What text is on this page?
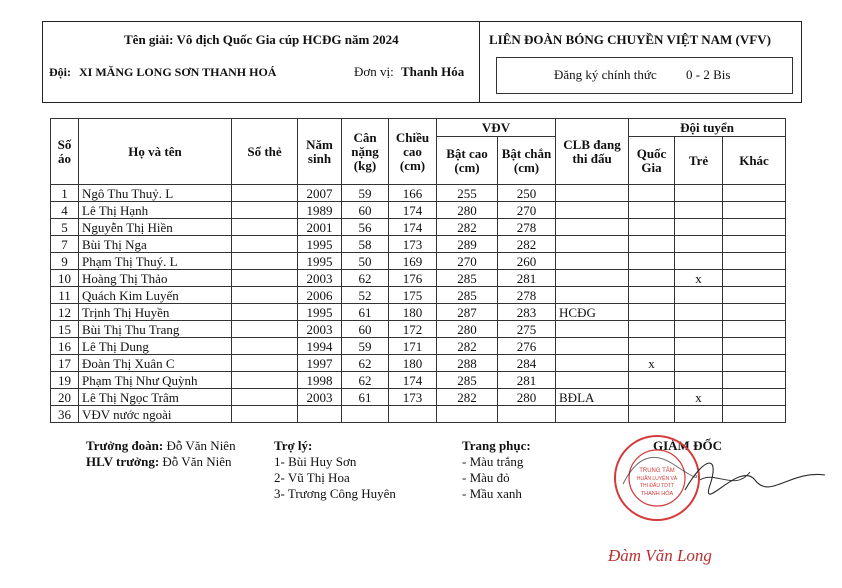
Tên giải: Vô địch Quốc Gia cúp HCĐG năm 2024
Đội: XI MĂNG LONG SƠN THANH HOÁ	Đơn vị: Thanh Hóa
LIÊN ĐOÀN BÓNG CHUYỀN VIỆT NAM (VFV)
Đăng ký chính thức 0 - 2 Bis
Số áo	Họ và tên	Số thẻ	Năm sinh	Cân nặng (kg)	Chiều cao (cm)	VĐV		CLB đang thi đấu	Đội tuyển		
						Bật cao (cm)	Bật chắn (cm)		Quốc Gia	Trẻ	Khác
1	Ngô Thu Thuỷ. L		2007	59	166	255	250				
4	Lê Thị Hạnh		1989	60	174	280	270				
5	Nguyễn Thị Hiền		2001	56	174	282	278				
7	Bùi Thị Nga		1995	58	173	289	282				
9	Phạm Thị Thuý. L		1995	50	169	270	260				
10	Hoàng Thị Thảo		2003	62	176	285	281			x	
11	Quách Kim Luyến		2006	52	175	285	278				
12	Trịnh Thị Huyền		1995	61	180	287	283	HCĐG			
15	Bùi Thị Thu Trang		2003	60	172	280	275				
16	Lê Thị Dung		1994	59	171	282	276				
17	Đoàn Thị Xuân C		1997	62	180	288	284		x		
19	Phạm Thị Như Quỳnh		1998	62	174	285	281				
20	Lê Thị Ngọc Trâm		2003	61	173	282	280	BĐLA		x	
36	VĐV nước ngoài										
Trưởng đoàn: Đỗ Văn Niên
HLV trưởng: Đỗ Văn Niên
Trợ lý:
1- Bùi Huy Sơn
2- Vũ Thị Hoa
3- Trương Công Huyên
Trang phục:
- Màu trắng
- Màu đỏ
- Mầu xanh
GIÁM ĐỐC
TRUNG TÂM
HUẤN LUYỆN VÀ
THI ĐẤU TDTT
THANH HÓA
Đàm Văn Long
